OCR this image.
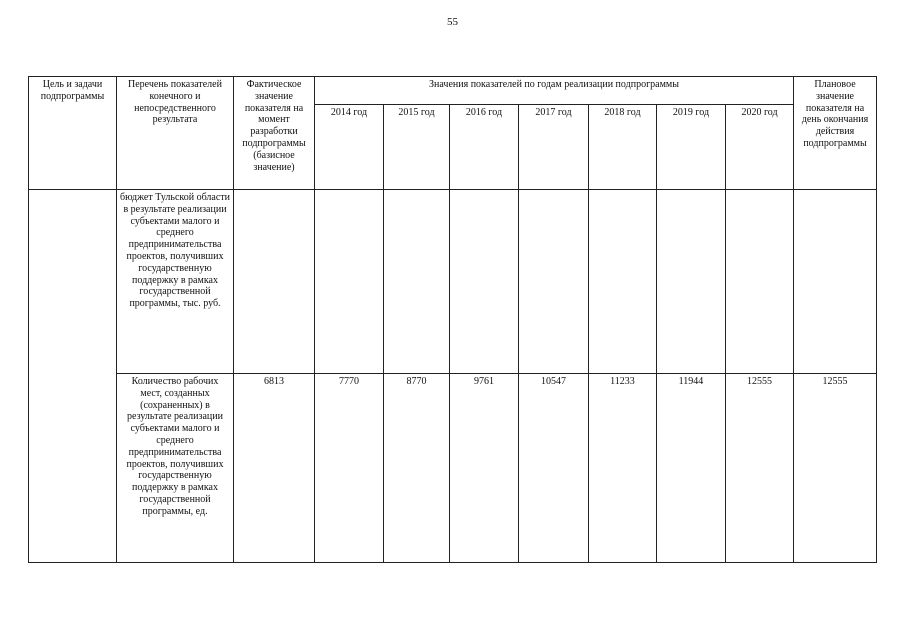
55
Цель и задачи подпрограммы	Перечень показателей конечного и непосредственного результата	Фактическое значение показателя на момент разработки подпрограммы (базисное значение)	Значения показателей по годам реализации подпрограммы							Плановое значение показателя на день окончания действия подпрограммы
			2014 год	2015 год	2016 год	2017 год	2018 год	2019 год	2020 год	
	бюджет Тульской области в результате реализации субъектами малого и среднего предпринимательства проектов, получивших государственную поддержку в рамках государственной программы, тыс. руб.									
	Количество рабочих мест, созданных (сохраненных) в результате реализации субъектами малого и среднего предпринимательства проектов, получивших государственную поддержку в рамках государственной программы, ед.	6813	7770	8770	9761	10547	11233	11944	12555	12555
